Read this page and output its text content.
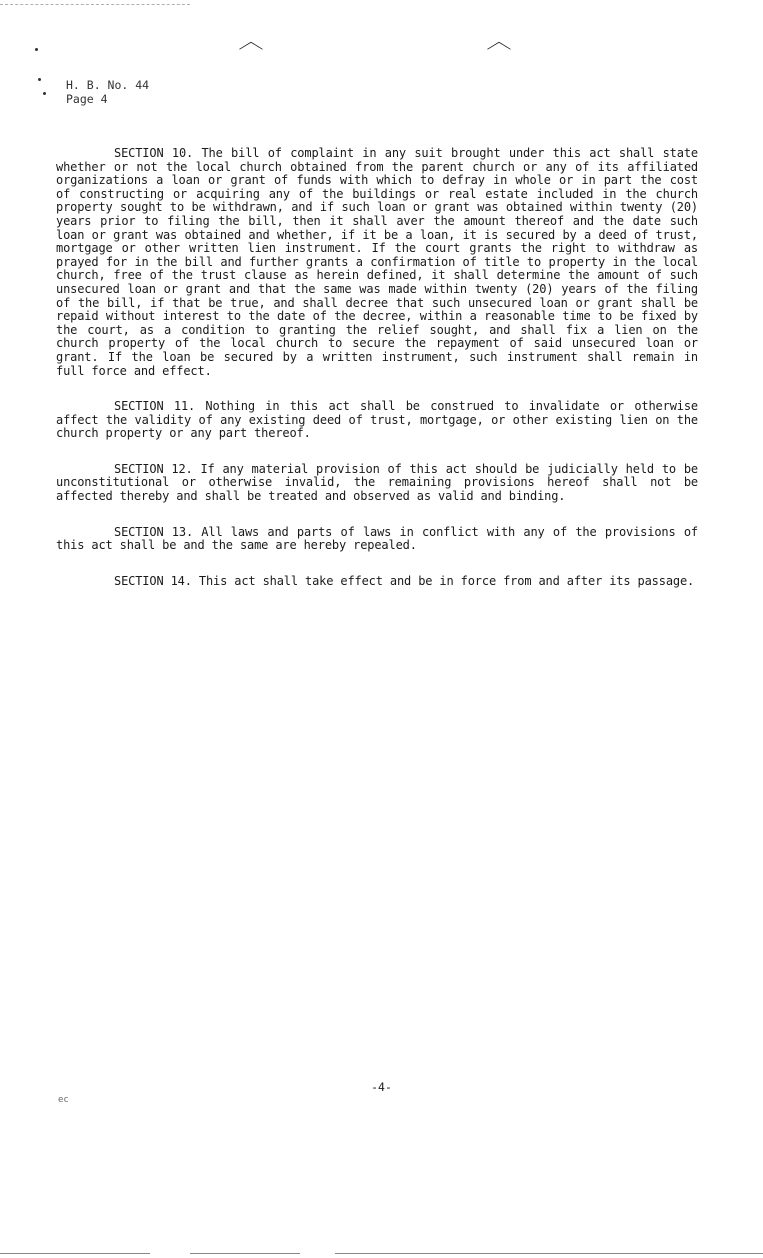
︿	︿
H. B. No. 44
Page 4

SECTION 10. The bill of complaint in any suit brought under this act shall state whether or not the local church obtained from the parent church or any of its affiliated organizations a loan or grant of funds with which to defray in whole or in part the cost of constructing or acquiring any of the buildings or real estate included in the church property sought to be withdrawn, and if such loan or grant was obtained within twenty (20) years prior to filing the bill, then it shall aver the amount thereof and the date such loan or grant was obtained and whether, if it be a loan, it is secured by a deed of trust, mortgage or other written lien instrument. If the court grants the right to withdraw as prayed for in the bill and further grants a confirmation of title to property in the local church, free of the trust clause as herein defined, it shall determine the amount of such unsecured loan or grant and that the same was made within twenty (20) years of the filing of the bill, if that be true, and shall decree that such unsecured loan or grant shall be repaid without interest to the date of the decree, within a reasonable time to be fixed by the court, as a condition to granting the relief sought, and shall fix a lien on the church property of the local church to secure the repayment of said unsecured loan or grant. If the loan be secured by a written instrument, such instrument shall remain in full force and effect.

SECTION 11. Nothing in this act shall be construed to invalidate or otherwise affect the validity of any existing deed of trust, mortgage, or other existing lien on the church property or any part thereof.

SECTION 12. If any material provision of this act should be judicially held to be unconstitutional or otherwise invalid, the remaining provisions hereof shall not be affected thereby and shall be treated and observed as valid and binding.

SECTION 13. All laws and parts of laws in conflict with any of the provisions of this act shall be and the same are hereby repealed.

SECTION 14. This act shall take effect and be in force from and after its passage.

-4-
ec
